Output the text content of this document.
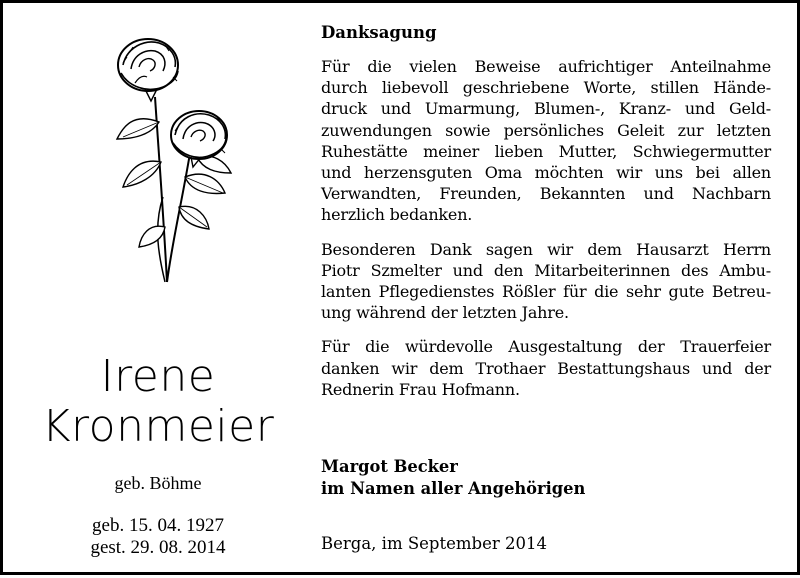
Irene
Kronmeier
geb. Böhme
geb. 15. 04. 1927
gest. 29. 08. 2014
Danksagung
Für die vielen Beweise aufrichtiger Anteilnahme
durch liebevoll geschriebene Worte, stillen Hände-
druck und Umarmung, Blumen-, Kranz- und Geld-
zuwendungen sowie persönliches Geleit zur letzten
Ruhestätte meiner lieben Mutter, Schwiegermutter
und herzensguten Oma möchten wir uns bei allen
Verwandten, Freunden, Bekannten und Nachbarn
herzlich bedanken.
Besonderen Dank sagen wir dem Hausarzt Herrn
Piotr Szmelter und den Mitarbeiterinnen des Ambu-
lanten Pflegedienstes Rößler für die sehr gute Betreu-
ung während der letzten Jahre.
Für die würdevolle Ausgestaltung der Trauerfeier
danken wir dem Trothaer Bestattungshaus und der
Rednerin Frau Hofmann.
Margot Becker
im Namen aller Angehörigen
Berga, im September 2014
